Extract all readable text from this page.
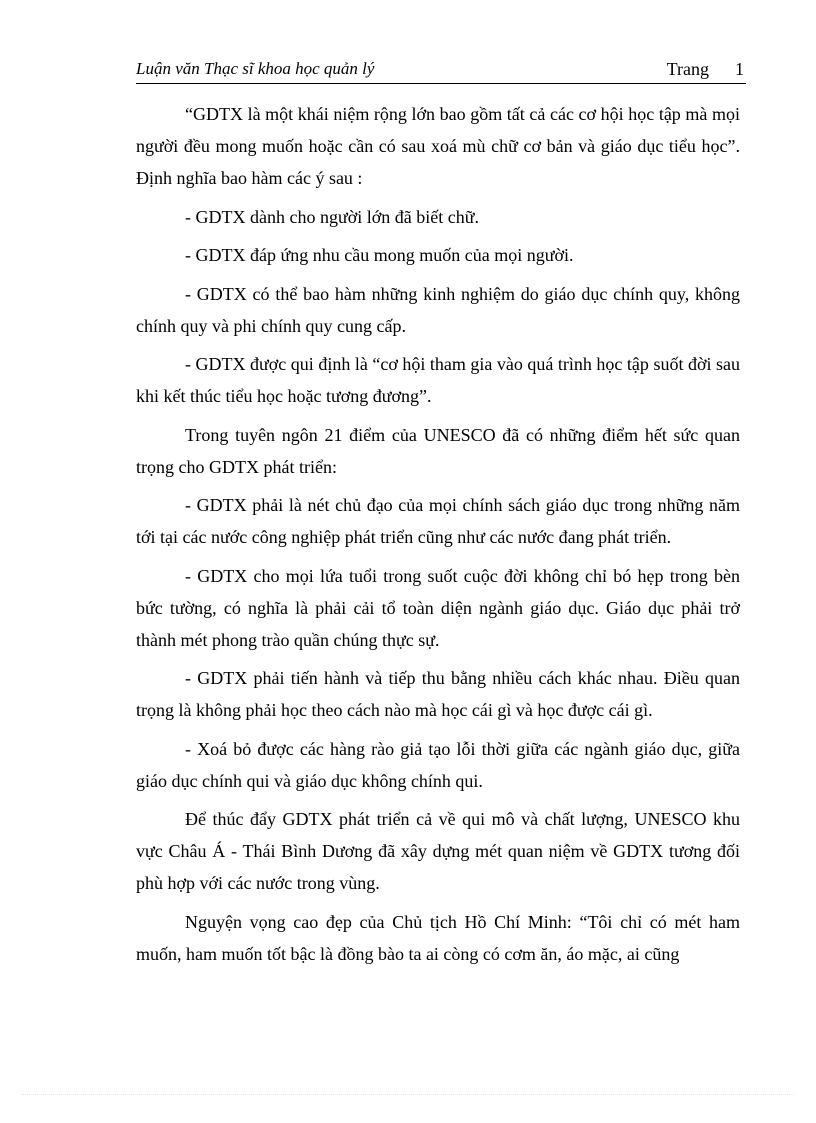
Luận văn Thạc sĩ khoa học quản lý	Trang 1

“GDTX là một khái niệm rộng lớn bao gồm tất cả các cơ hội học tập mà mọi người đều mong muốn hoặc cần có sau xoá mù chữ cơ bản và giáo dục tiểu học”. Định nghĩa bao hàm các ý sau :

- GDTX dành cho người lớn đã biết chữ.

- GDTX đáp ứng nhu cầu mong muốn của mọi người.

- GDTX có thể bao hàm những kinh nghiệm do giáo dục chính quy, không chính quy và phi chính quy cung cấp.

- GDTX được qui định là “cơ hội tham gia vào quá trình học tập suốt đời sau khi kết thúc tiểu học hoặc tương đương”.

Trong tuyên ngôn 21 điểm của UNESCO đã có những điểm hết sức quan trọng cho GDTX phát triển:

- GDTX phải là nét chủ đạo của mọi chính sách giáo dục trong những năm tới tại các nước công nghiệp phát triển cũng như các nước đang phát triển.

- GDTX cho mọi lứa tuổi trong suốt cuộc đời không chỉ bó hẹp trong bèn bức tường, có nghĩa là phải cải tổ toàn diện ngành giáo dục. Giáo dục phải trở thành mét phong trào quần chúng thực sự.

- GDTX phải tiến hành và tiếp thu bằng nhiều cách khác nhau. Điều quan trọng là không phải học theo cách nào mà học cái gì và học được cái gì.

- Xoá bỏ được các hàng rào giả tạo lỗi thời giữa các ngành giáo dục, giữa giáo dục chính qui và giáo dục không chính qui.

Để thúc đẩy GDTX phát triển cả về qui mô và chất lượng, UNESCO khu vực Châu Á - Thái Bình Dương đã xây dựng mét quan niệm về GDTX tương đối phù hợp với các nước trong vùng.

Nguyện vọng cao đẹp của Chủ tịch Hồ Chí Minh: “Tôi chỉ có mét ham muốn, ham muốn tốt bậc là đồng bào ta ai còng có cơm ăn, áo mặc, ai cũng
